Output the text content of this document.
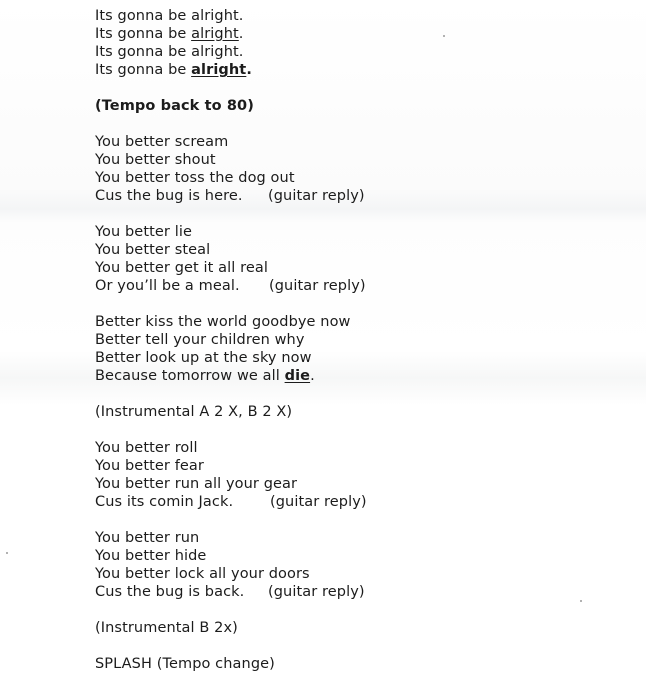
Its gonna be alright.
Its gonna be alright.
Its gonna be alright.
Its gonna be alright.
(Tempo back to 80)
You better scream
You better shout
You better toss the dog out
Cus the bug is here. (guitar reply)
You better lie
You better steal
You better get it all real
Or you’ll be a meal. (guitar reply)
Better kiss the world goodbye now
Better tell your children why
Better look up at the sky now
Because tomorrow we all die.
(Instrumental A 2 X, B 2 X)
You better roll
You better fear
You better run all your gear
Cus its comin Jack.	(guitar reply)
You better run
You better hide
You better lock all your doors
Cus the bug is back. (guitar reply)
(Instrumental B 2x)
SPLASH (Tempo change)
